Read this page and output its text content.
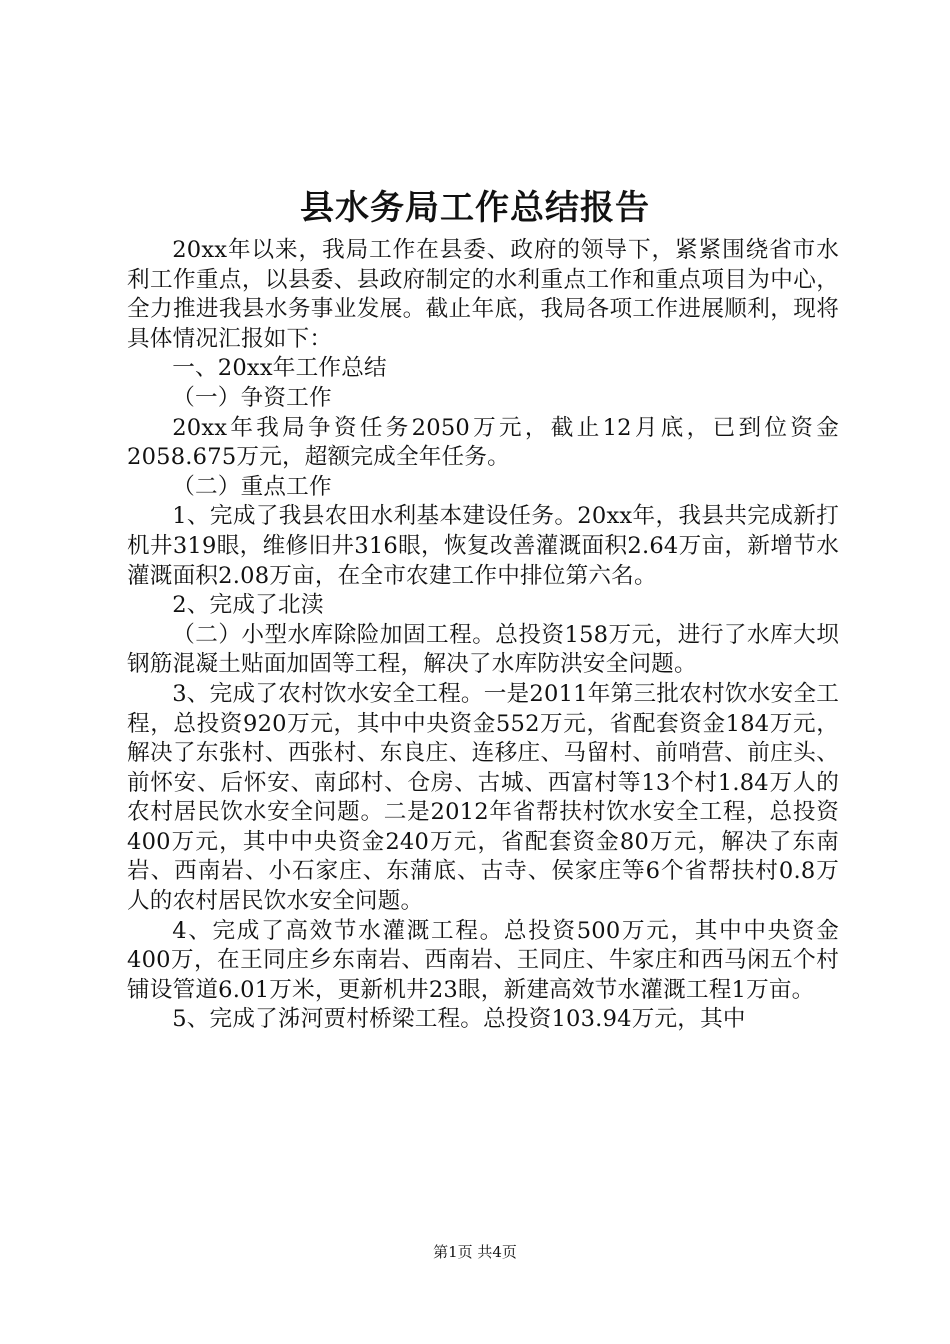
县水务局工作总结报告

20xx年以来，我局工作在县委、政府的领导下，紧紧围绕省市水利工作重点，以县委、县政府制定的水利重点工作和重点项目为中心，全力推进我县水务事业发展。截止年底，我局各项工作进展顺利，现将具体情况汇报如下：

一、20xx年工作总结

（一）争资工作

20xx年我局争资任务2050万元，截止12月底，已到位资金2058.675万元，超额完成全年任务。

（二）重点工作

1、完成了我县农田水利基本建设任务。20xx年，我县共完成新打机井319眼，维修旧井316眼，恢复改善灌溉面积2.64万亩，新增节水灌溉面积2.08万亩，在全市农建工作中排位第六名。

2、完成了北渎

（二）小型水库除险加固工程。总投资158万元，进行了水库大坝钢筋混凝土贴面加固等工程，解决了水库防洪安全问题。

3、完成了农村饮水安全工程。一是2011年第三批农村饮水安全工程，总投资920万元，其中中央资金552万元，省配套资金184万元，解决了东张村、西张村、东良庄、连移庄、马留村、前哨营、前庄头、前怀安、后怀安、南邱村、仓房、古城、西富村等13个村1.84万人的农村居民饮水安全问题。二是2012年省帮扶村饮水安全工程，总投资400万元，其中中央资金240万元，省配套资金80万元，解决了东南岩、西南岩、小石家庄、东蒲底、古寺、侯家庄等6个省帮扶村0.8万人的农村居民饮水安全问题。

4、完成了高效节水灌溉工程。总投资500万元，其中中央资金400万，在王同庄乡东南岩、西南岩、王同庄、牛家庄和西马闲五个村铺设管道6.01万米，更新机井23眼，新建高效节水灌溉工程1万亩。

5、完成了泲河贾村桥梁工程。总投资103.94万元，其中

第1页 共4页
